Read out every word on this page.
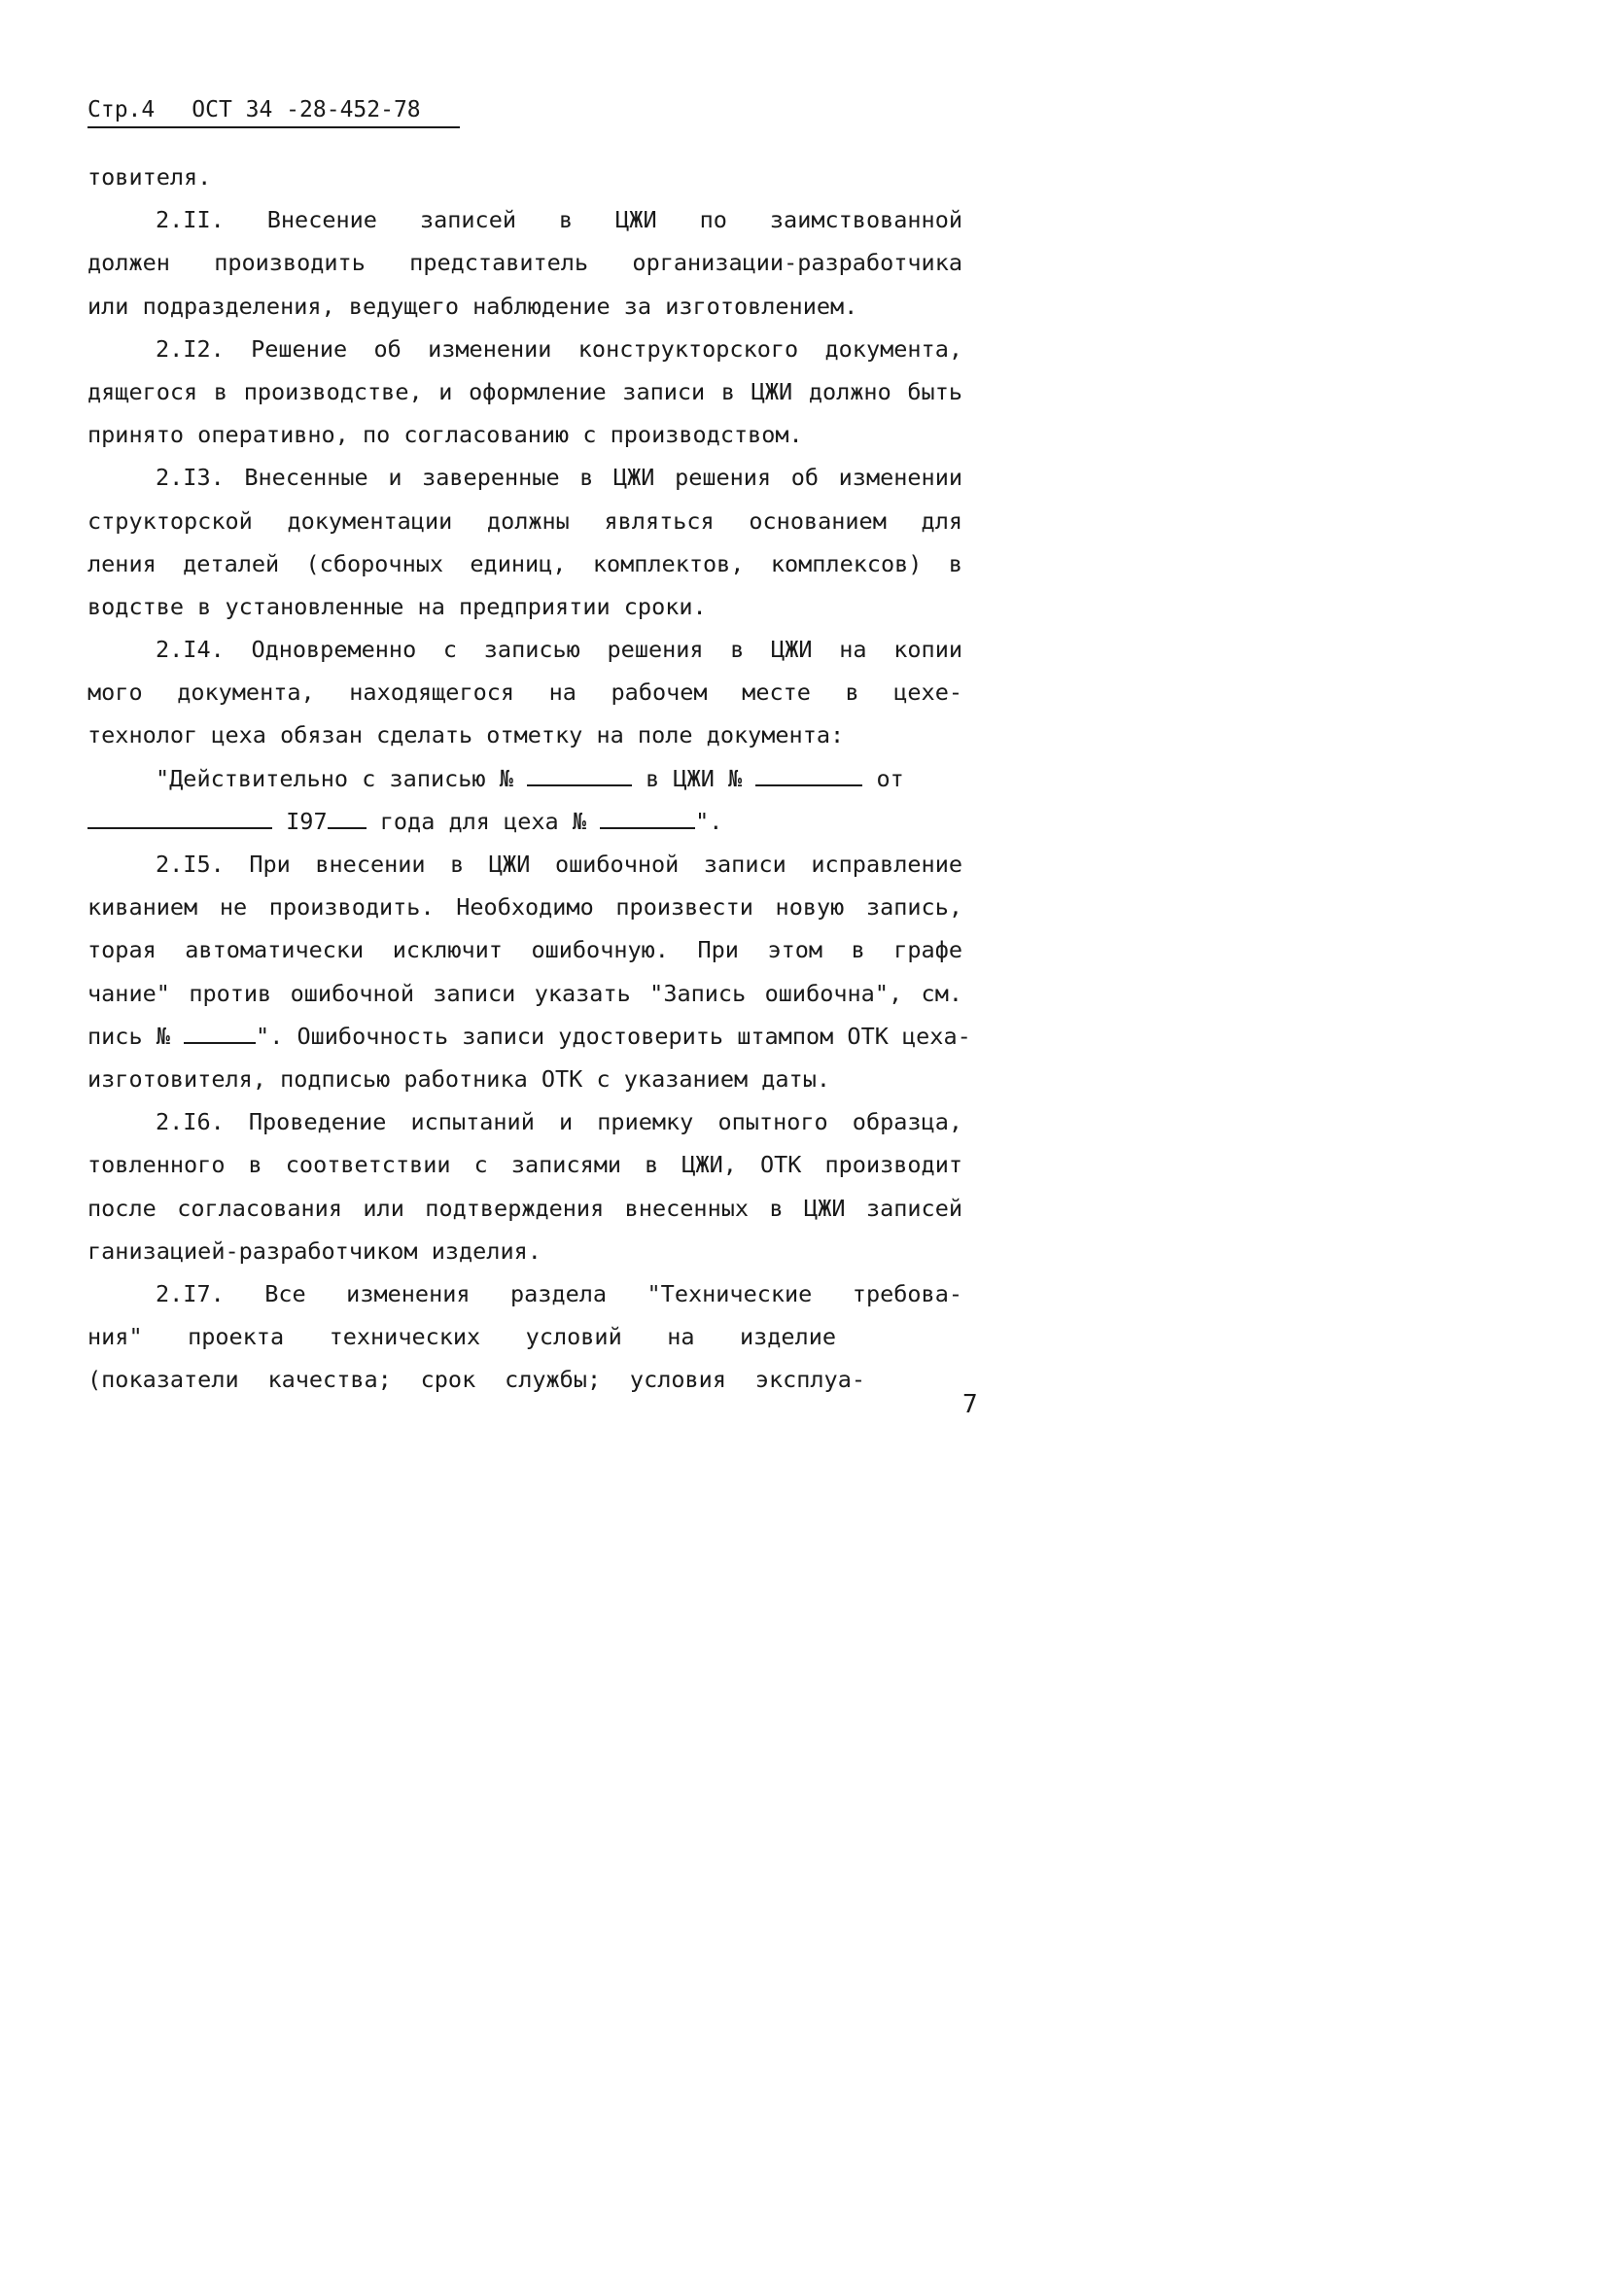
Стр.4 ОСТ 34 -28-452-78
товителя.
2.II. Внесение записей в ЦЖИ по заимствованной
должен производить представитель организации-разработчика
или подразделения, ведущего наблюдение за изготовлением.
2.I2. Решение об изменении конструкторского документа,
дящегося в производстве, и оформление записи в ЦЖИ должно быть
принято оперативно, по согласованию с производством.
2.I3. Внесенные и заверенные в ЦЖИ решения об изменении
структорской документации должны являться основанием для
ления деталей (сборочных единиц, комплектов, комплексов) в
водстве в установленные на предприятии сроки.
2.I4. Одновременно с записью решения в ЦЖИ на копии
мого документа, находящегося на рабочем месте в цехе-
технолог цеха обязан сделать отметку на поле документа:
"Действительно с записью №	в ЦЖИ №	от
I97 года для цеха №	".
2.I5. При внесении в ЦЖИ ошибочной записи исправление
киванием не производить. Необходимо произвести новую запись,
торая автоматически исключит ошибочную. При этом в графе
чание" против ошибочной записи указать "Запись ошибочна", см.
пись №	". Ошибочность записи удостоверить штампом ОТК цеха-
изготовителя, подписью работника ОТК с указанием даты.
2.I6. Проведение испытаний и приемку опытного образца,
товленного в соответствии с записями в ЦЖИ, ОТК производит
после согласования или подтверждения внесенных в ЦЖИ записей
ганизацией-разработчиком изделия.
2.I7. Все изменения раздела "Технические требова-
ния" проекта технических условий на изделие
(показатели качества; срок службы; условия эксплуа-
7
